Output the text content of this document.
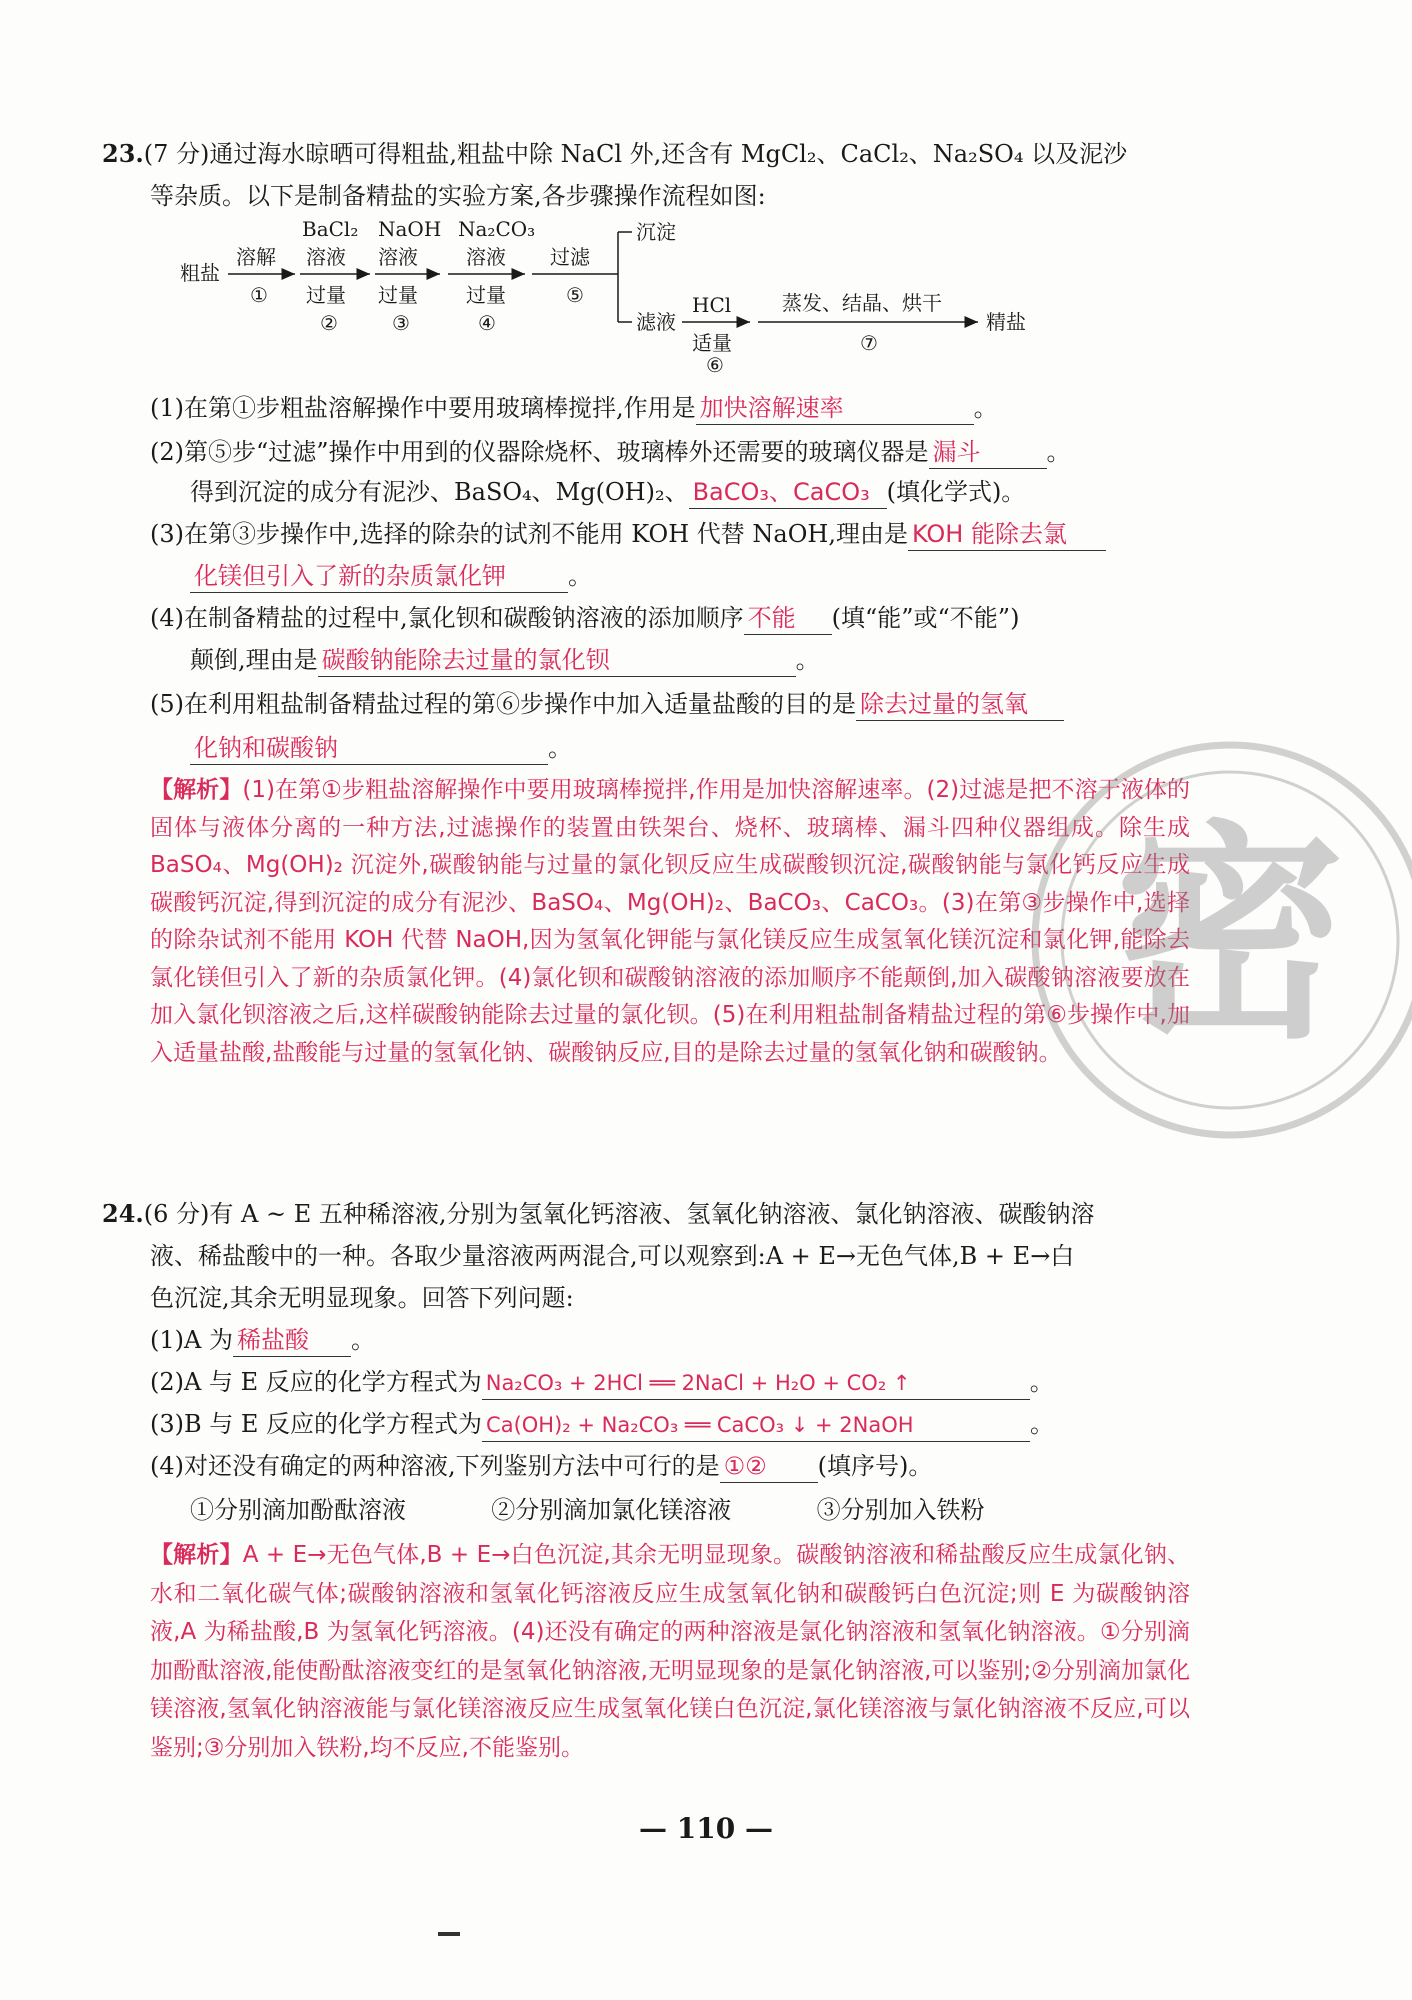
23.(7 分)通过海水晾晒可得粗盐,粗盐中除 NaCl 外,还含有 MgCl₂、CaCl₂、Na₂SO₄ 以及泥沙
等杂质。以下是制备精盐的实验方案,各步骤操作流程如图:
粗盐
溶解
①
BaCl₂
溶液
过量
②
NaOH
溶液
过量
③
Na₂CO₃
溶液
过量
④
过滤
⑤
沉淀
滤液
HCl
适量
⑥
蒸发、结晶、烘干
⑦
精盐
(1)在第①步粗盐溶解操作中要用玻璃棒搅拌,作用是 加快溶解速率	。
(2)第⑤步“过滤”操作中用到的仪器除烧杯、玻璃棒外还需要的玻璃仪器是 漏斗	。
得到沉淀的成分有泥沙、BaSO₄、Mg(OH)₂、 BaCO₃、CaCO₃ (填化学式)。
(3)在第③步操作中,选择的除杂的试剂不能用 KOH 代替 NaOH,理由是 KOH 能除去氯
化镁但引入了新的杂质氯化钾	。
(4)在制备精盐的过程中,氯化钡和碳酸钠溶液的添加顺序 不能 (填“能”或“不能”)
颠倒,理由是 碳酸钠能除去过量的氯化钡	。
(5)在利用粗盐制备精盐过程的第⑥步操作中加入适量盐酸的目的是 除去过量的氢氧
化钠和碳酸钠	。
【解析】(1)在第①步粗盐溶解操作中要用玻璃棒搅拌,作用是加快溶解速率。(2)过滤是把不溶于液体的固体与液体分离的一种方法,过滤操作的装置由铁架台、烧杯、玻璃棒、漏斗四种仪器组成。除生成 BaSO₄、Mg(OH)₂ 沉淀外,碳酸钠能与过量的氯化钡反应生成碳酸钡沉淀,碳酸钠能与氯化钙反应生成碳酸钙沉淀,得到沉淀的成分有泥沙、BaSO₄、Mg(OH)₂、BaCO₃、CaCO₃。(3)在第③步操作中,选择的除杂试剂不能用 KOH 代替 NaOH,因为氢氧化钾能与氯化镁反应生成氢氧化镁沉淀和氯化钾,能除去氯化镁但引入了新的杂质氯化钾。(4)氯化钡和碳酸钠溶液的添加顺序不能颠倒,加入碳酸钠溶液要放在加入氯化钡溶液之后,这样碳酸钠能除去过量的氯化钡。(5)在利用粗盐制备精盐过程的第⑥步操作中,加入适量盐酸,盐酸能与过量的氢氧化钠、碳酸钠反应,目的是除去过量的氢氧化钠和碳酸钠。 密
24.(6 分)有 A ~ E 五种稀溶液,分别为氢氧化钙溶液、氢氧化钠溶液、氯化钠溶液、碳酸钠溶
液、稀盐酸中的一种。各取少量溶液两两混合,可以观察到:A + E→无色气体,B + E→白
色沉淀,其余无明显现象。回答下列问题:
(1)A 为 稀盐酸 。
(2)A 与 E 反应的化学方程式为 Na₂CO₃ + 2HCl ══ 2NaCl + H₂O + CO₂ ↑	。
(3)B 与 E 反应的化学方程式为 Ca(OH)₂ + Na₂CO₃ ══ CaCO₃ ↓ + 2NaOH	。
(4)对还没有确定的两种溶液,下列鉴别方法中可行的是 ①② (填序号)。
①分别滴加酚酞溶液	②分别滴加氯化镁溶液	③分别加入铁粉
【解析】A + E→无色气体,B + E→白色沉淀,其余无明显现象。碳酸钠溶液和稀盐酸反应生成氯化钠、水和二氧化碳气体;碳酸钠溶液和氢氧化钙溶液反应生成氢氧化钠和碳酸钙白色沉淀;则 E 为碳酸钠溶液,A 为稀盐酸,B 为氢氧化钙溶液。(4)还没有确定的两种溶液是氯化钠溶液和氢氧化钠溶液。①分别滴加酚酞溶液,能使酚酞溶液变红的是氢氧化钠溶液,无明显现象的是氯化钠溶液,可以鉴别;②分别滴加氯化镁溶液,氢氧化钠溶液能与氯化镁溶液反应生成氢氧化镁白色沉淀,氯化镁溶液与氯化钠溶液不反应,可以鉴别;③分别加入铁粉,均不反应,不能鉴别。
— 110 —
